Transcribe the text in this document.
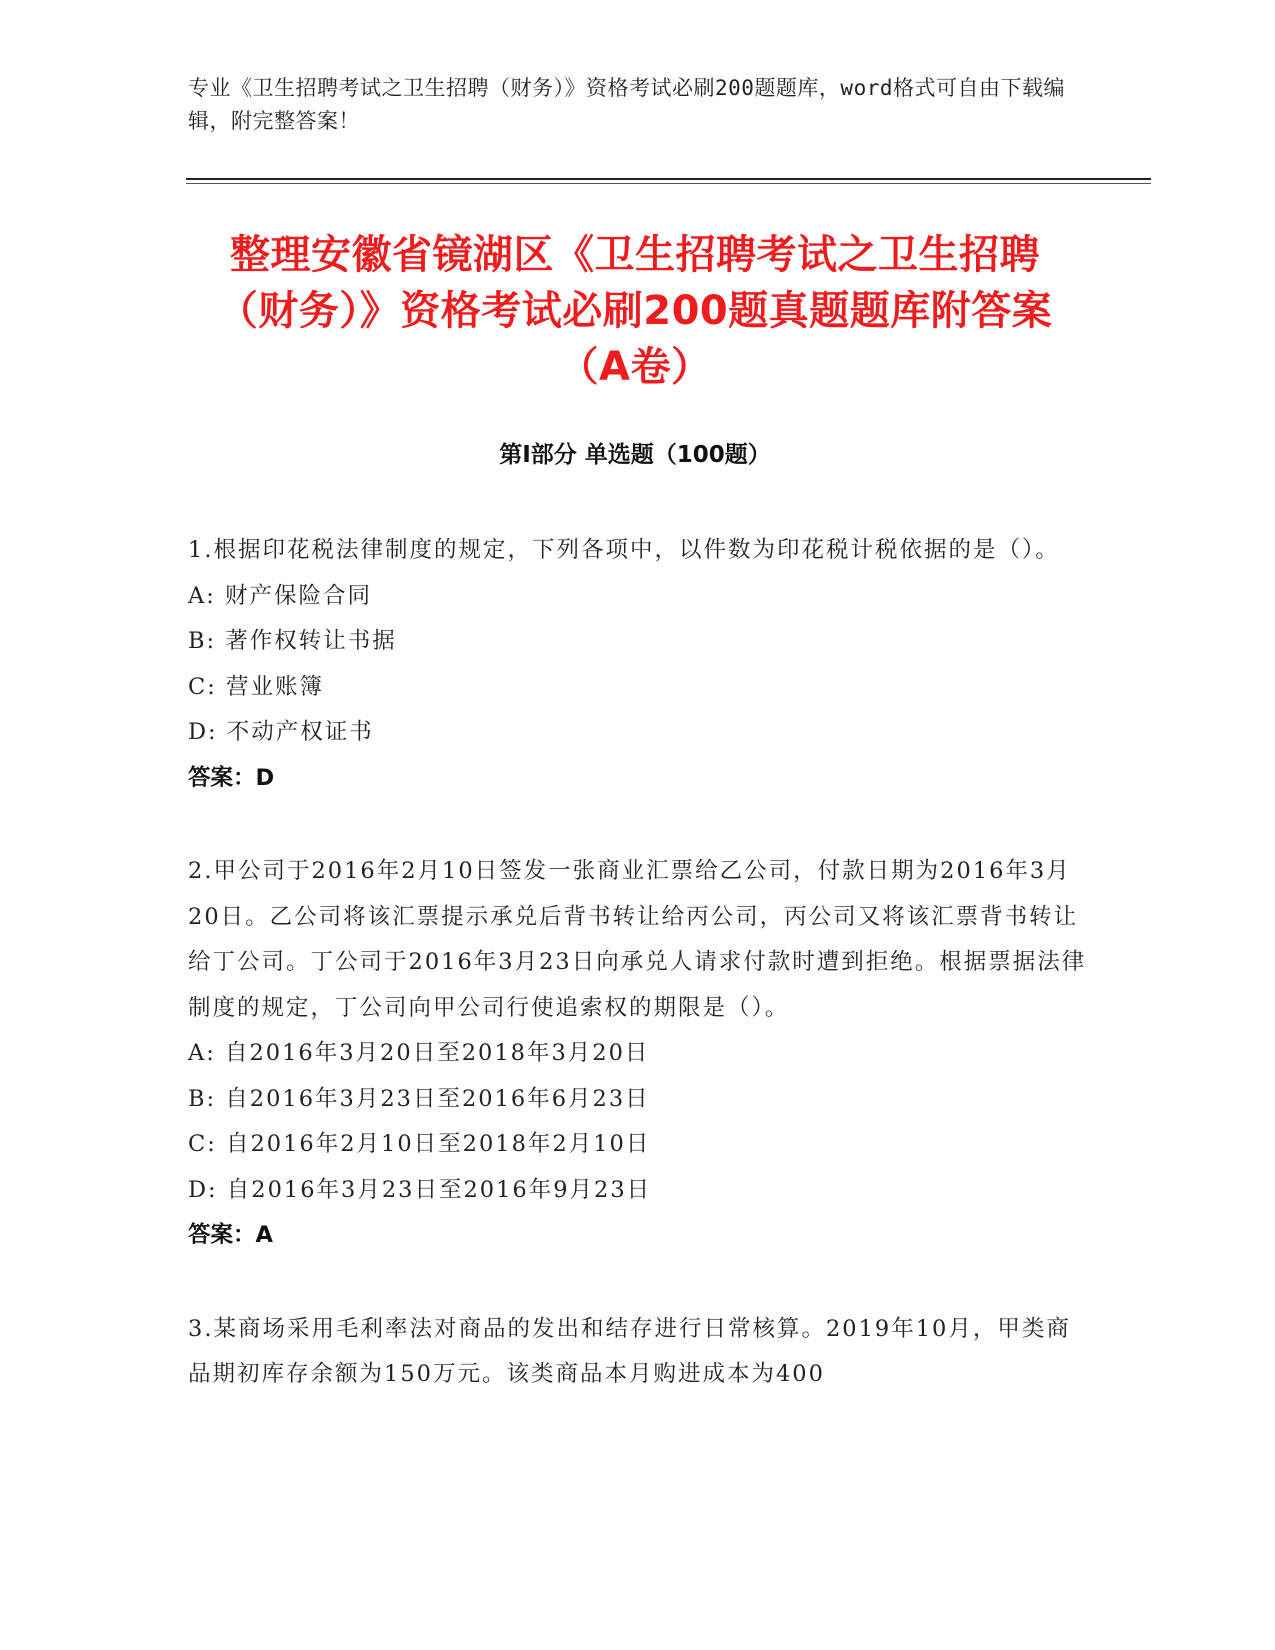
专业《卫生招聘考试之卫生招聘（财务）》资格考试必刷200题题库，word格式可自由下载编辑，附完整答案！
整理安徽省镜湖区《卫生招聘考试之卫生招聘（财务）》资格考试必刷200题真题题库附答案（A卷）
第Ⅰ部分 单选题（100题）

1.根据印花税法律制度的规定，下列各项中，以件数为印花税计税依据的是（）。

A: 财产保险合同

B: 著作权转让书据

C: 营业账簿

D: 不动产权证书

答案：D

2.甲公司于2016年2月10日签发一张商业汇票给乙公司，付款日期为2016年3月20日。乙公司将该汇票提示承兑后背书转让给丙公司，丙公司又将该汇票背书转让给丁公司。丁公司于2016年3月23日向承兑人请求付款时遭到拒绝。根据票据法律制度的规定，丁公司向甲公司行使追索权的期限是（）。

A: 自2016年3月20日至2018年3月20日

B: 自2016年3月23日至2016年6月23日

C: 自2016年2月10日至2018年2月10日

D: 自2016年3月23日至2016年9月23日

答案：A

3.某商场采用毛利率法对商品的发出和结存进行日常核算。2019年10月，甲类商品期初库存余额为150万元。该类商品本月购进成本为400
